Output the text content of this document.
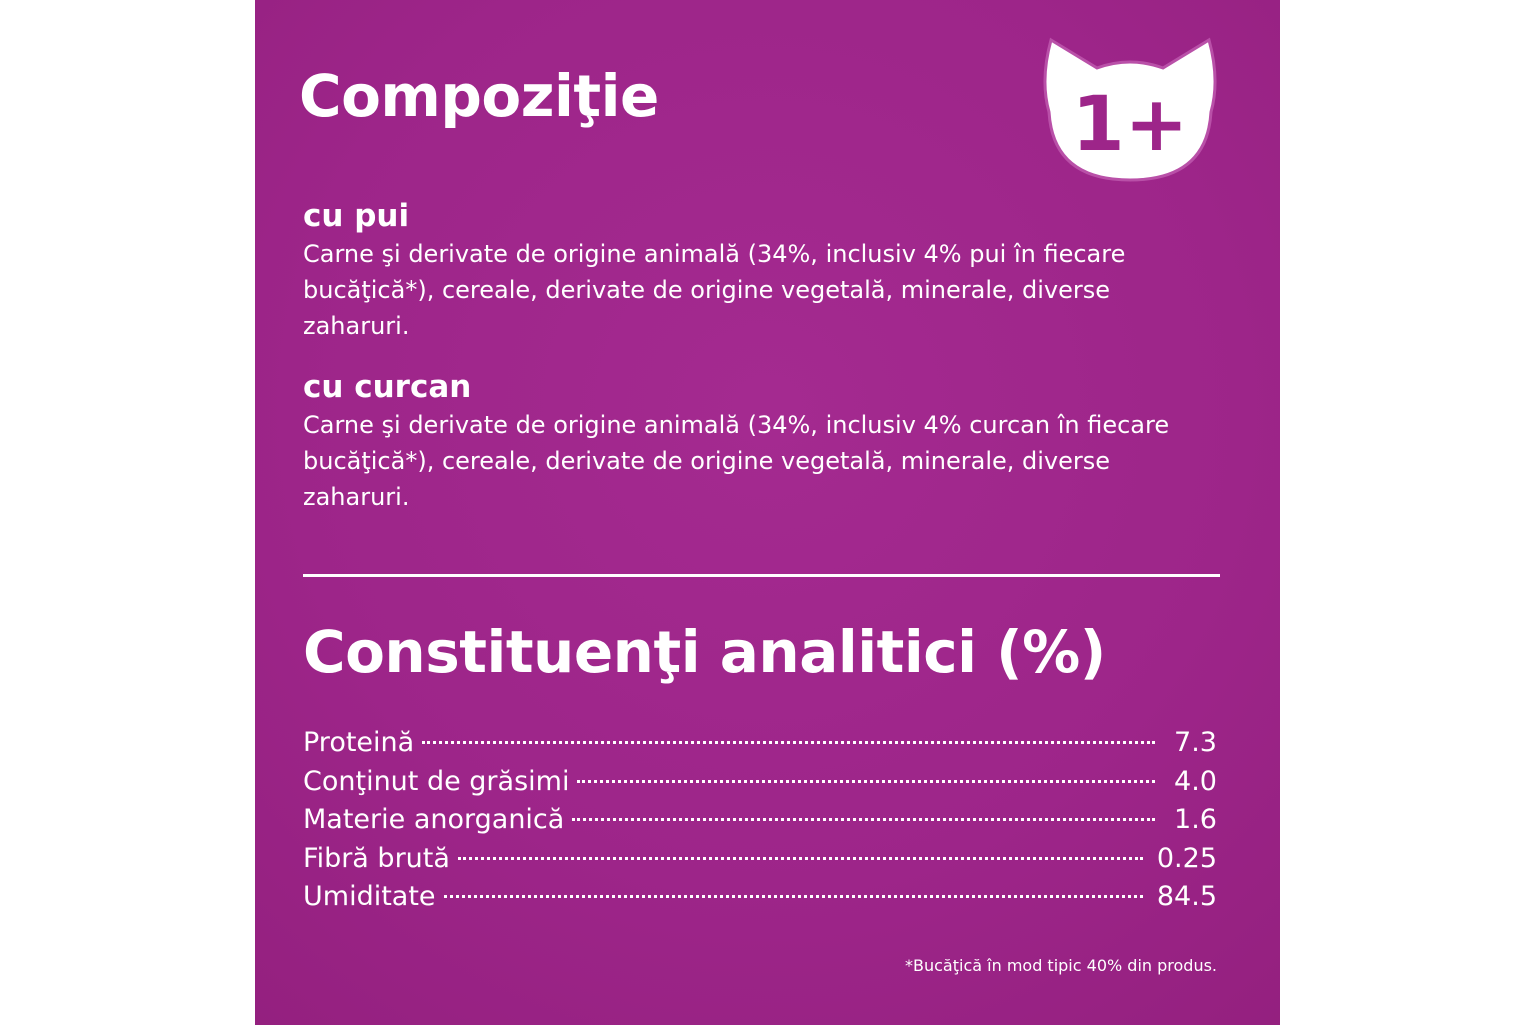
Compoziţie	1+
cu pui

Carne şi derivate de origine animală (34%, inclusiv 4% pui în fiecare bucăţică*), cereale, derivate de origine vegetală, minerale, diverse zaharuri.

cu curcan

Carne şi derivate de origine animală (34%, inclusiv 4% curcan în fiecare bucăţică*), cereale, derivate de origine vegetală, minerale, diverse zaharuri.

Constituenţi analitici (%)
Proteină	7.3
Conţinut de grăsimi	4.0
Materie anorganică	1.6
Fibră brută	0.25
Umiditate	84.5
*Bucăţică în mod tipic 40% din produs.
